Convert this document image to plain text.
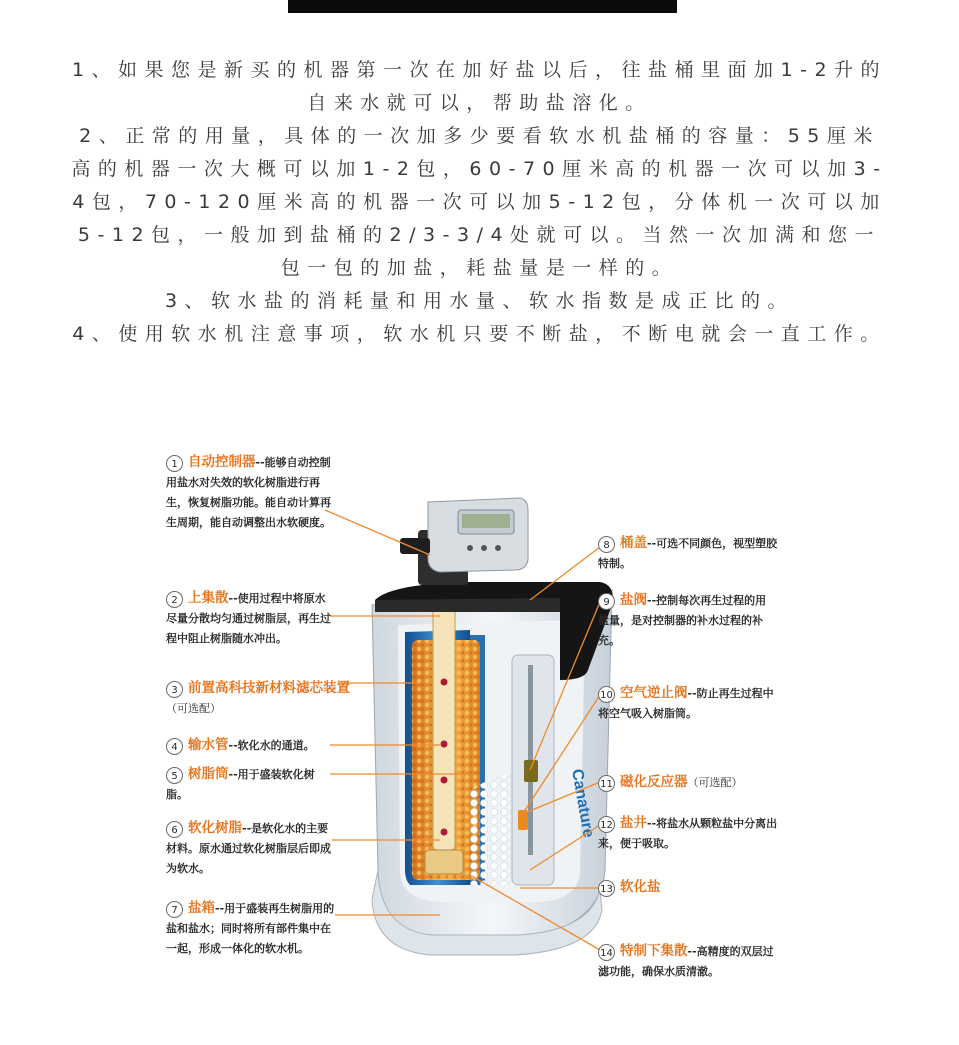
1、如果您是新买的机器第一次在加好盐以后，往盐桶里面加1-2升的自来水就可以，帮助盐溶化。

2、正常的用量，具体的一次加多少要看软水机盐桶的容量：55厘米高的机器一次大概可以加1-2包，60-70厘米高的机器一次可以加3-4包，70-120厘米高的机器一次可以加5-12包，分体机一次可以加5-12包，一般加到盐桶的2/3-3/4处就可以。当然一次加满和您一包一包的加盐，耗盐量是一样的。

3、软水盐的消耗量和用水量、软水指数是成正比的。

4、使用软水机注意事项，软水机只要不断盐，不断电就会一直工作。

Canature
1 自动控制器--能够自动控制用盐水对失效的软化树脂进行再生，恢复树脂功能。能自动计算再生周期，能自动调整出水软硬度。
2 上集散--使用过程中将原水尽量分散均匀通过树脂层，再生过程中阻止树脂随水冲出。
3 前置高科技新材料滤芯装置（可选配）
4 输水管--软化水的通道。
5 树脂筒--用于盛装软化树脂。
6 软化树脂--是软化水的主要材料。原水通过软化树脂层后即成为软水。
7 盐箱--用于盛装再生树脂用的盐和盐水；同时将所有部件集中在一起，形成一体化的软水机。
8 桶盖--可选不同颜色，视型塑胶特制。
9 盐阀--控制每次再生过程的用盐量，是对控制器的补水过程的补充。
10 空气逆止阀--防止再生过程中将空气吸入树脂筒。
11 磁化反应器（可选配）
12 盐井--将盐水从颗粒盐中分离出来，便于吸取。
13 软化盐
14 特制下集散--高精度的双层过滤功能，确保水质清澈。
